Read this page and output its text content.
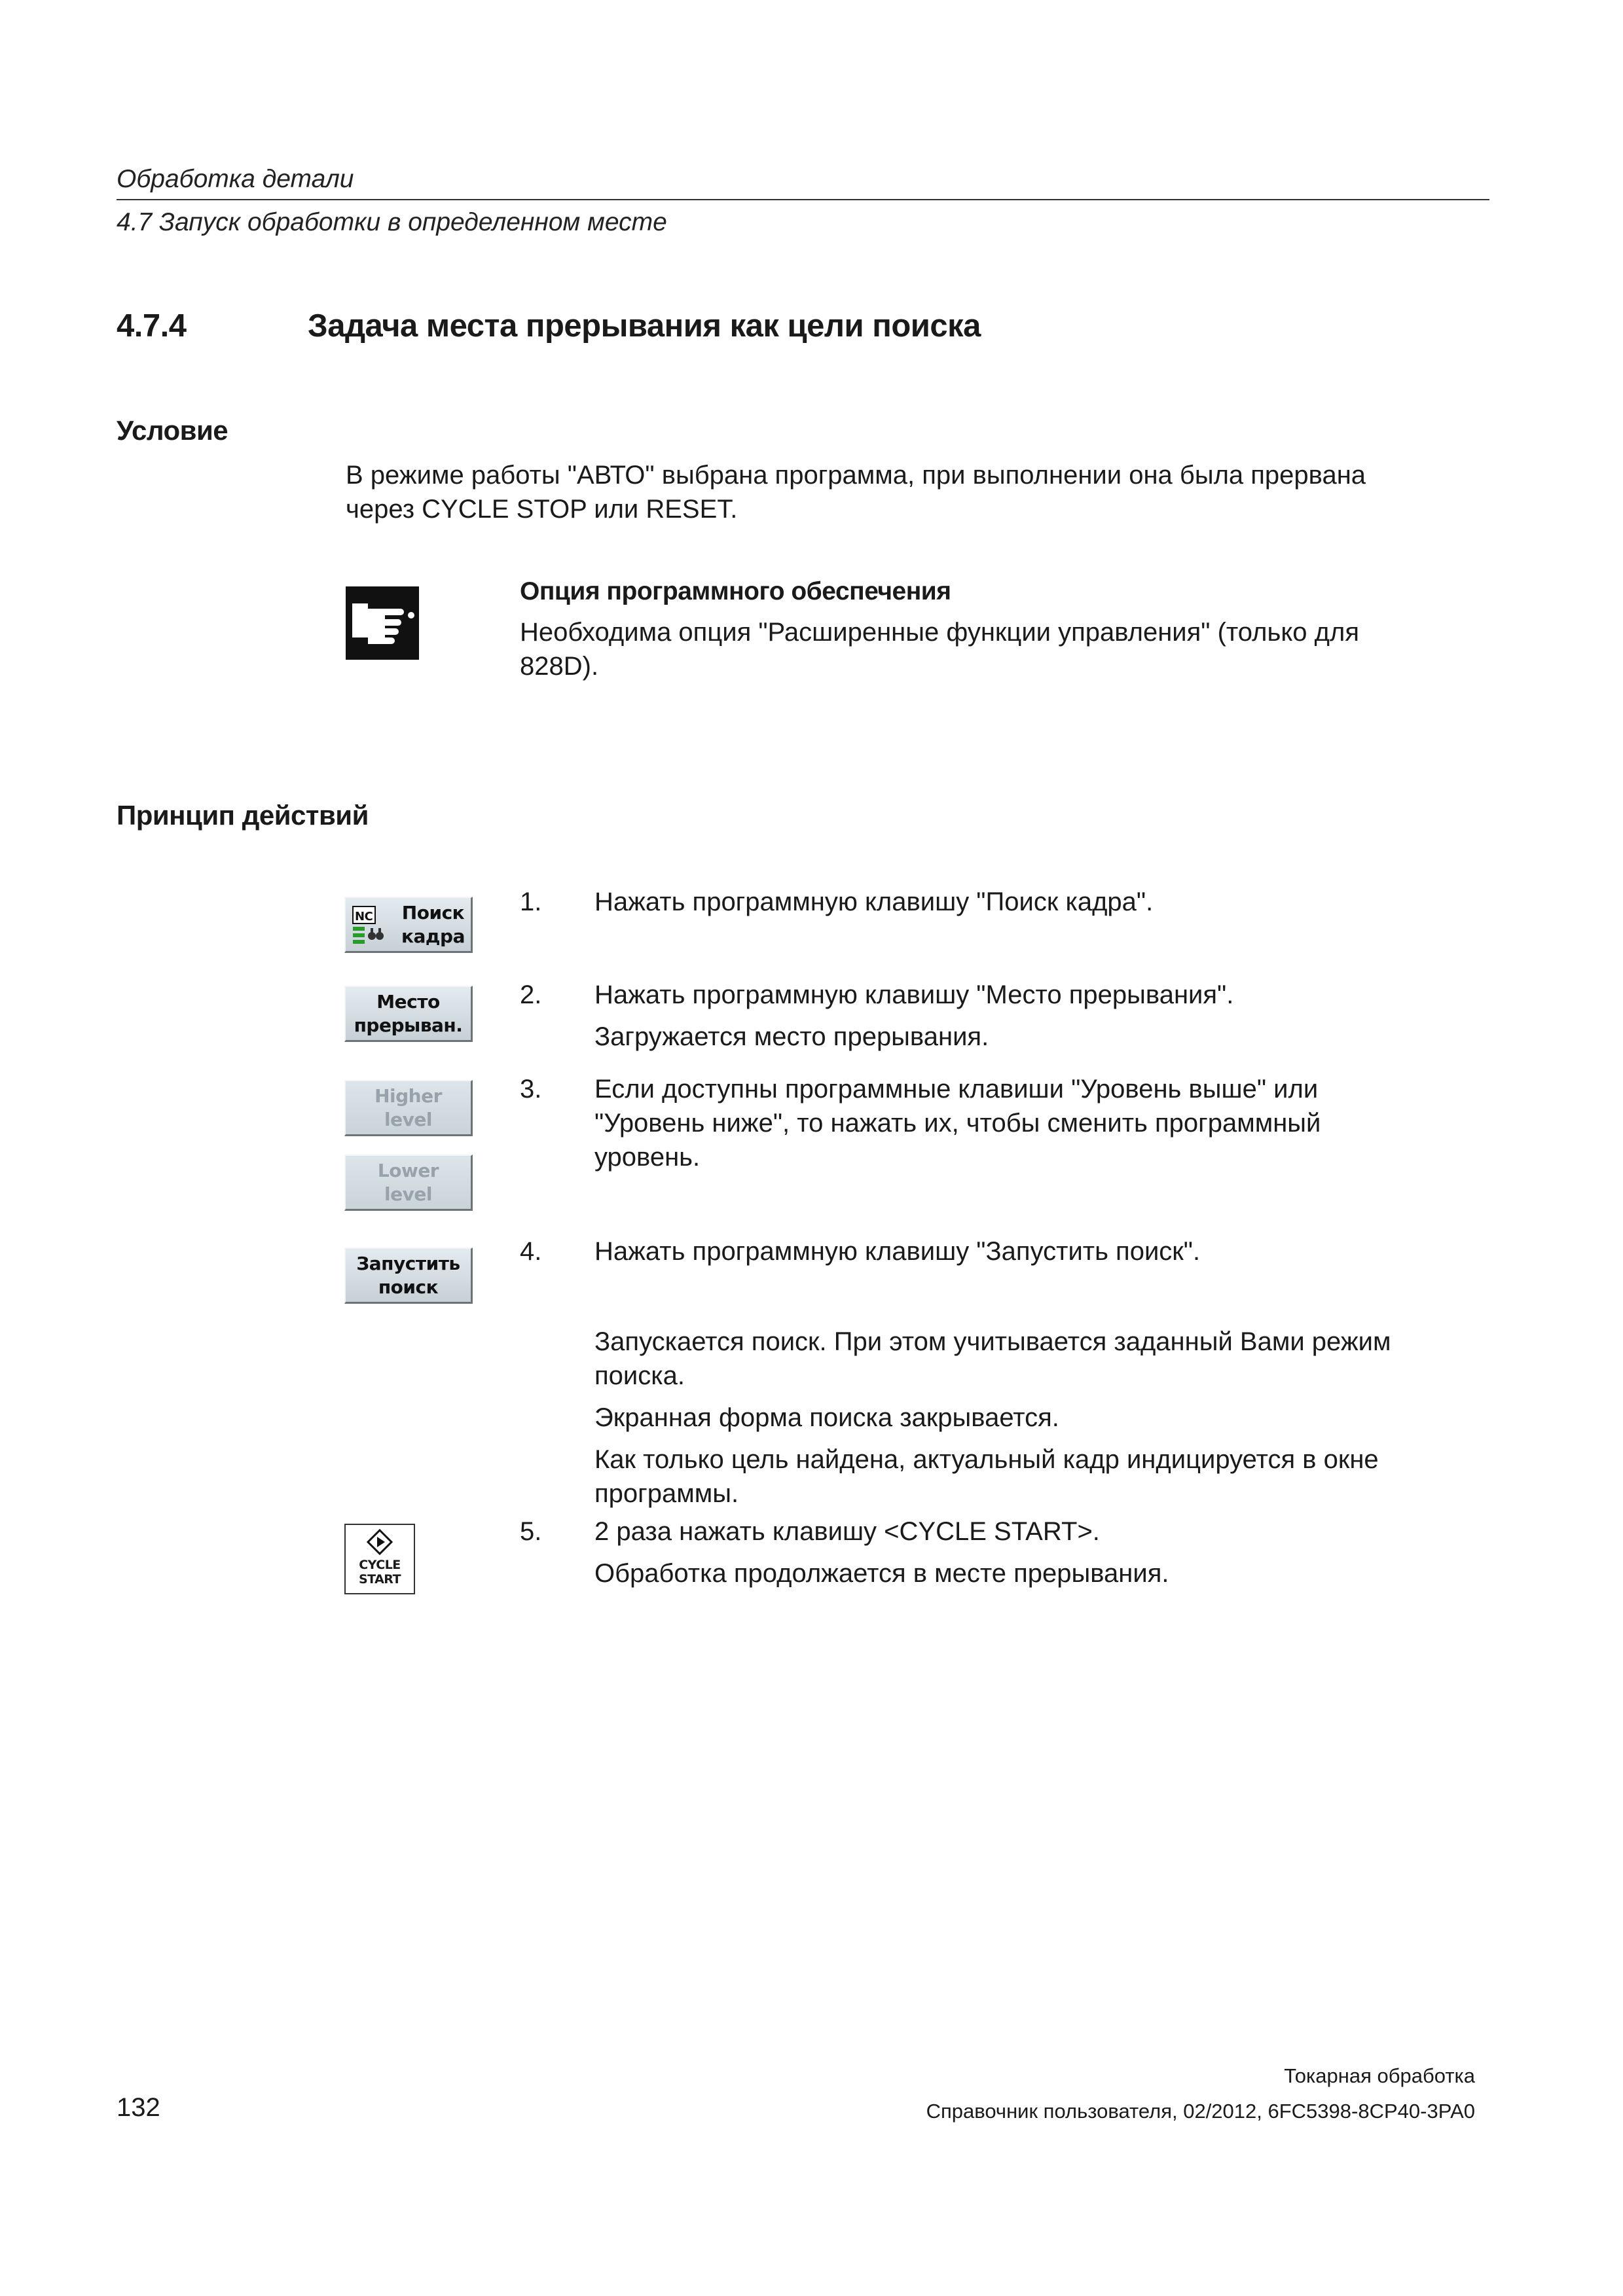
Обработка детали
4.7 Запуск обработки в определенном месте
4.7.4	Задача места прерывания как цели поиска
Условие
В режиме работы "АВТО" выбрана программа, при выполнении она была прервана
через CYCLE STOP или RESET.
Опция программного обеспечения
Необходима опция "Расширенные функции управления" (только для
828D).
Принцип действий
NC Поиск
кадра
Место
прерыван.
Higher
level
Lower
level
Запустить
поиск
CYCLE
START
1. Нажать программную клавишу "Поиск кадра".
2. Нажать программную клавишу "Место прерывания".
Загружается место прерывания.
3. Если доступны программные клавиши "Уровень выше" или
"Уровень ниже", то нажать их, чтобы сменить программный
уровень.
4. Нажать программную клавишу "Запустить поиск".
Запускается поиск. При этом учитывается заданный Вами режим
поиска.
Экранная форма поиска закрывается.
Как только цель найдена, актуальный кадр индицируется в окне
программы.
5. 2 раза нажать клавишу <CYCLE START>.
Обработка продолжается в месте прерывания.
132
Токарная обработка
Справочник пользователя, 02/2012, 6FC5398-8CP40-3PA0
